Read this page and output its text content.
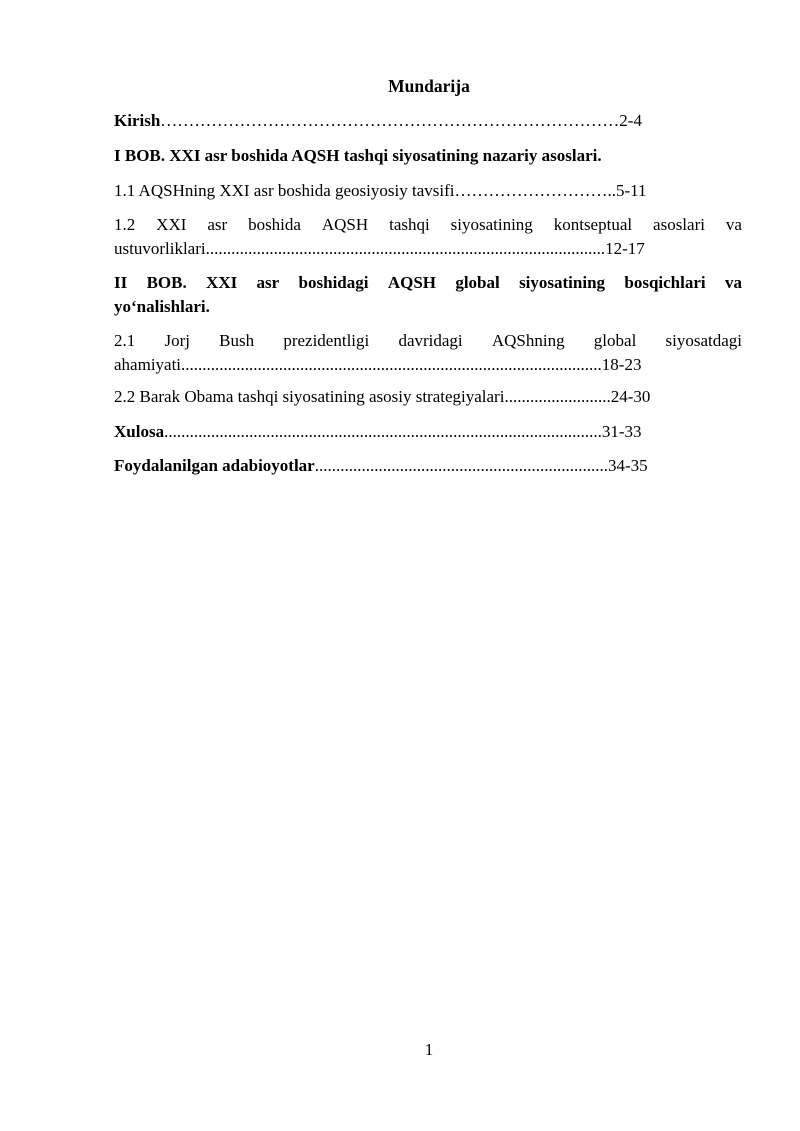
Mundarija

Kirish………………………………………………………………………2-4

I BOB. XXI asr boshida AQSH tashqi siyosatining nazariy asoslari.

1.1 AQSHning XXI asr boshida geosiyosiy tavsifi………………………..5-11

1.2 XXI asr boshida AQSH tashqi siyosatining kontseptual asoslari va

ustuvorliklari..............................................................................................12-17

II BOB. XXI asr boshidagi AQSH global siyosatining bosqichlari va

yo‘nalishlari.

2.1 Jorj Bush prezidentligi davridagi AQShning global siyosatdagi

ahamiyati...................................................................................................18-23

2.2 Barak Obama tashqi siyosatining asosiy strategiyalari.........................24-30

Xulosa.......................................................................................................31-33

Foydalanilgan adabioyotlar.....................................................................34-35

1
